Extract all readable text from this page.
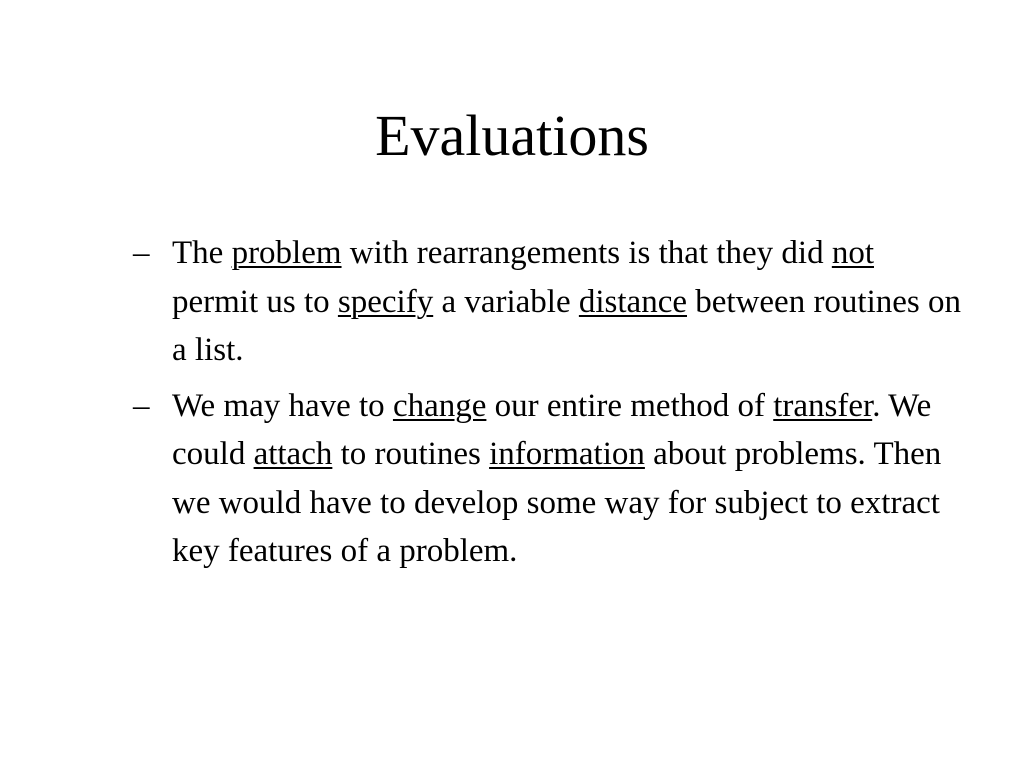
Evaluations
– The problem with rearrangements is that they did not permit us to specify a variable distance between routines on a list.
– We may have to change our entire method of transfer. We could attach to routines information about problems. Then we would have to develop some way for subject to extract key features of a problem.
